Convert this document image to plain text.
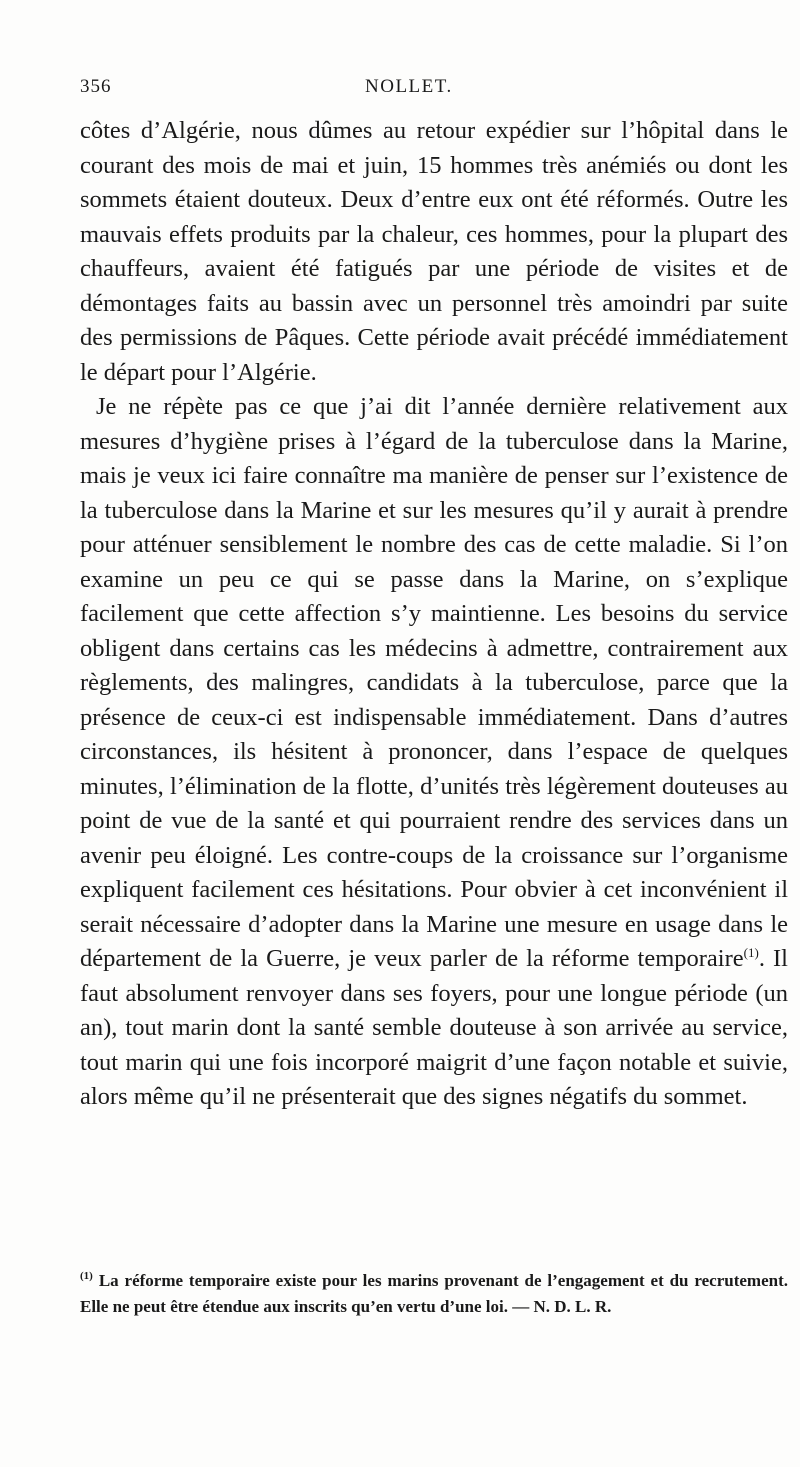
356	NOLLET.

côtes d’Algérie, nous dûmes au retour expédier sur l’hôpital dans le courant des mois de mai et juin, 15 hommes très anémiés ou dont les sommets étaient douteux. Deux d’entre eux ont été réformés. Outre les mauvais effets produits par la chaleur, ces hommes, pour la plupart des chauffeurs, avaient été fatigués par une période de visites et de démontages faits au bassin avec un personnel très amoindri par suite des permissions de Pâques. Cette période avait précédé immédiatement le départ pour l’Algérie.

Je ne répète pas ce que j’ai dit l’année dernière relativement aux mesures d’hygiène prises à l’égard de la tuberculose dans la Marine, mais je veux ici faire connaître ma manière de penser sur l’existence de la tuberculose dans la Marine et sur les mesures qu’il y aurait à prendre pour atténuer sensiblement le nombre des cas de cette maladie. Si l’on examine un peu ce qui se passe dans la Marine, on s’explique facilement que cette affection s’y maintienne. Les besoins du service obligent dans certains cas les médecins à admettre, contrairement aux règlements, des malingres, candidats à la tuberculose, parce que la présence de ceux-ci est indispensable immédiatement. Dans d’autres circonstances, ils hésitent à prononcer, dans l’espace de quelques minutes, l’élimination de la flotte, d’unités très légèrement douteuses au point de vue de la santé et qui pourraient rendre des services dans un avenir peu éloigné. Les contre-coups de la croissance sur l’organisme expliquent facilement ces hésitations. Pour obvier à cet inconvénient il serait nécessaire d’adopter dans la Marine une mesure en usage dans le département de la Guerre, je veux parler de la réforme temporaire$^{(1)}$. Il faut absolument renvoyer dans ses foyers, pour une longue période (un an), tout marin dont la santé semble douteuse à son arrivée au service, tout marin qui une fois incorporé maigrit d’une façon notable et suivie, alors même qu’il ne présenterait que des signes négatifs du sommet.

$^{(1)}$ La réforme temporaire existe pour les marins provenant de l’engagement et du recrutement. Elle ne peut être étendue aux inscrits qu’en vertu d’une loi. — N. D. L. R.
